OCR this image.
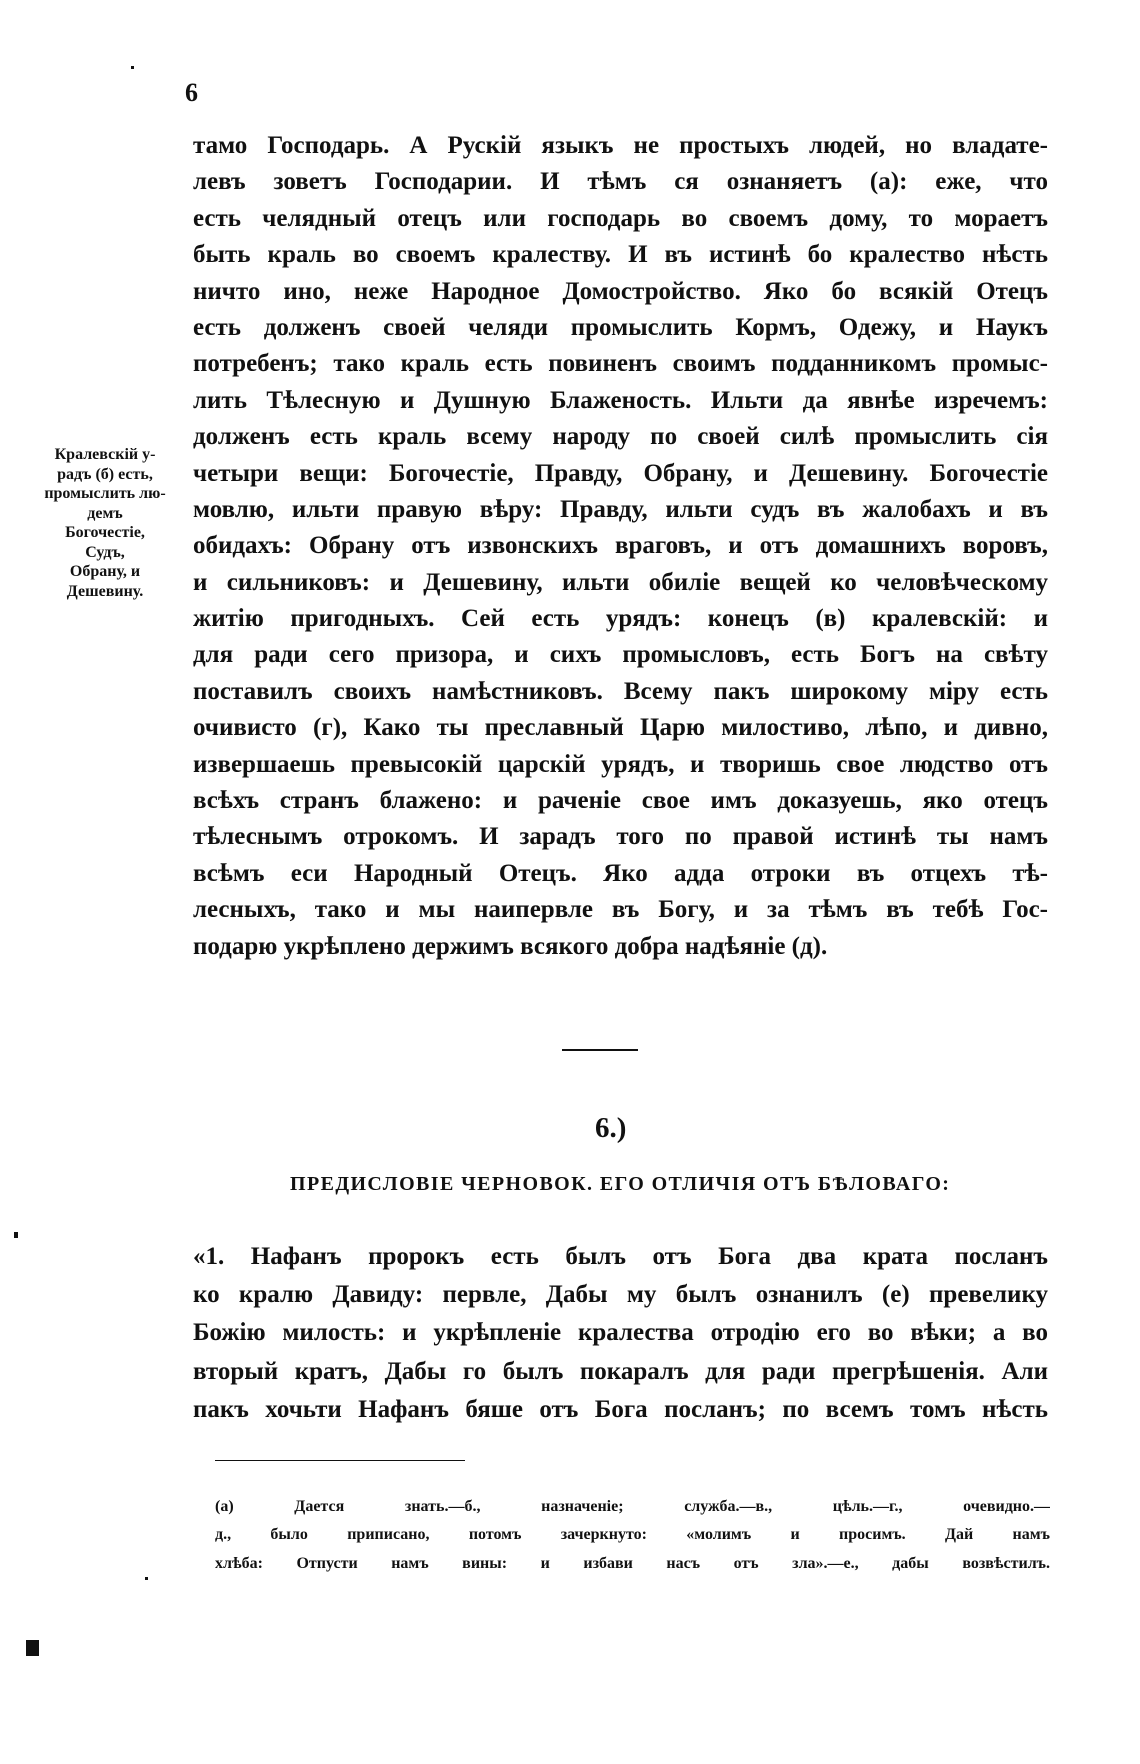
6
Кралевскій у-
радъ (б) есть,
промыслить лю-
демъ
Богочестіе,
Судъ,
Обрану, и
Дешевину.
тамо Господарь. А Рускій языкъ не простыхъ людей, но владате-
левъ зоветъ Господарии. И тѣмъ ся ознаняетъ (а): еже, что
есть челядный отецъ или господарь во своемъ дому, то мораетъ
быть краль во своемъ кралеству. И въ истинѣ бо кралество нѣсть
ничто ино, неже Народное Домостройство. Яко бо всякій Отецъ
есть долженъ своей челяди промыслить Кормъ, Одежу, и Наукъ
потребенъ; тако краль есть повиненъ своимъ подданникомъ промыс-
лить Тѣлесную и Душную Блаженость. Ильти да явнѣе изречемъ:
долженъ есть краль всему народу по своей силѣ промыслить сія
четыри вещи: Богочестіе, Правду, Обрану, и Дешевину. Богочестіе
мовлю, ильти правую вѣру: Правду, ильти судъ въ жалобахъ и въ
обидахъ: Обрану отъ извонскихъ враговъ, и отъ домашнихъ воровъ,
и сильниковъ: и Дешевину, ильти обиліе вещей ко человѣческому
житію пригодныхъ. Сей есть урядъ: конецъ (в) кралевскій: и
для ради сего призора, и сихъ промысловъ, есть Богъ на свѣту
поставилъ своихъ намѣстниковъ. Всему пакъ широкому міру есть
очивисто (г), Како ты преславный Царю милостиво, лѣпо, и дивно,
извершаешь превысокій царскій урядъ, и творишь свое людство отъ
всѣхъ странъ блажено: и раченіе свое имъ доказуешь, яко отецъ
тѣлеснымъ отрокомъ. И зарадъ того по правой истинѣ ты намъ
всѣмъ еси Народный Отецъ. Яко адда отроки въ отцехъ тѣ-
лесныхъ, тако и мы наипервле въ Богу, и за тѣмъ въ тебѣ Гос-
подарю укрѣплено держимъ всякого добра надѣяніе (д).
6.)
ПРЕДИСЛОВІЕ ЧЕРНОВОК. ЕГО ОТЛИЧІЯ ОТЪ БѢЛОВАГО:
«1. Нафанъ пророкъ есть былъ отъ Бога два крата посланъ
ко кралю Давиду: первле, Дабы му былъ ознанилъ (е) превелику
Божію милость: и укрѣпленіе кралества отродію его во вѣки; а во
вторый кратъ, Дабы го былъ покаралъ для ради прегрѣшенія. Али
пакъ хочьти Нафанъ бяше отъ Бога посланъ; по всемъ томъ нѣсть
(а) Дается знать.—б., назначеніе; служба.—в., цѣль.—г., очевидно.—
д., было приписано, потомъ зачеркнуто: «молимъ и просимъ. Дай намъ
хлѣба: Отпусти намъ вины: и избави насъ отъ зла».—е., дабы возвѣстилъ.
